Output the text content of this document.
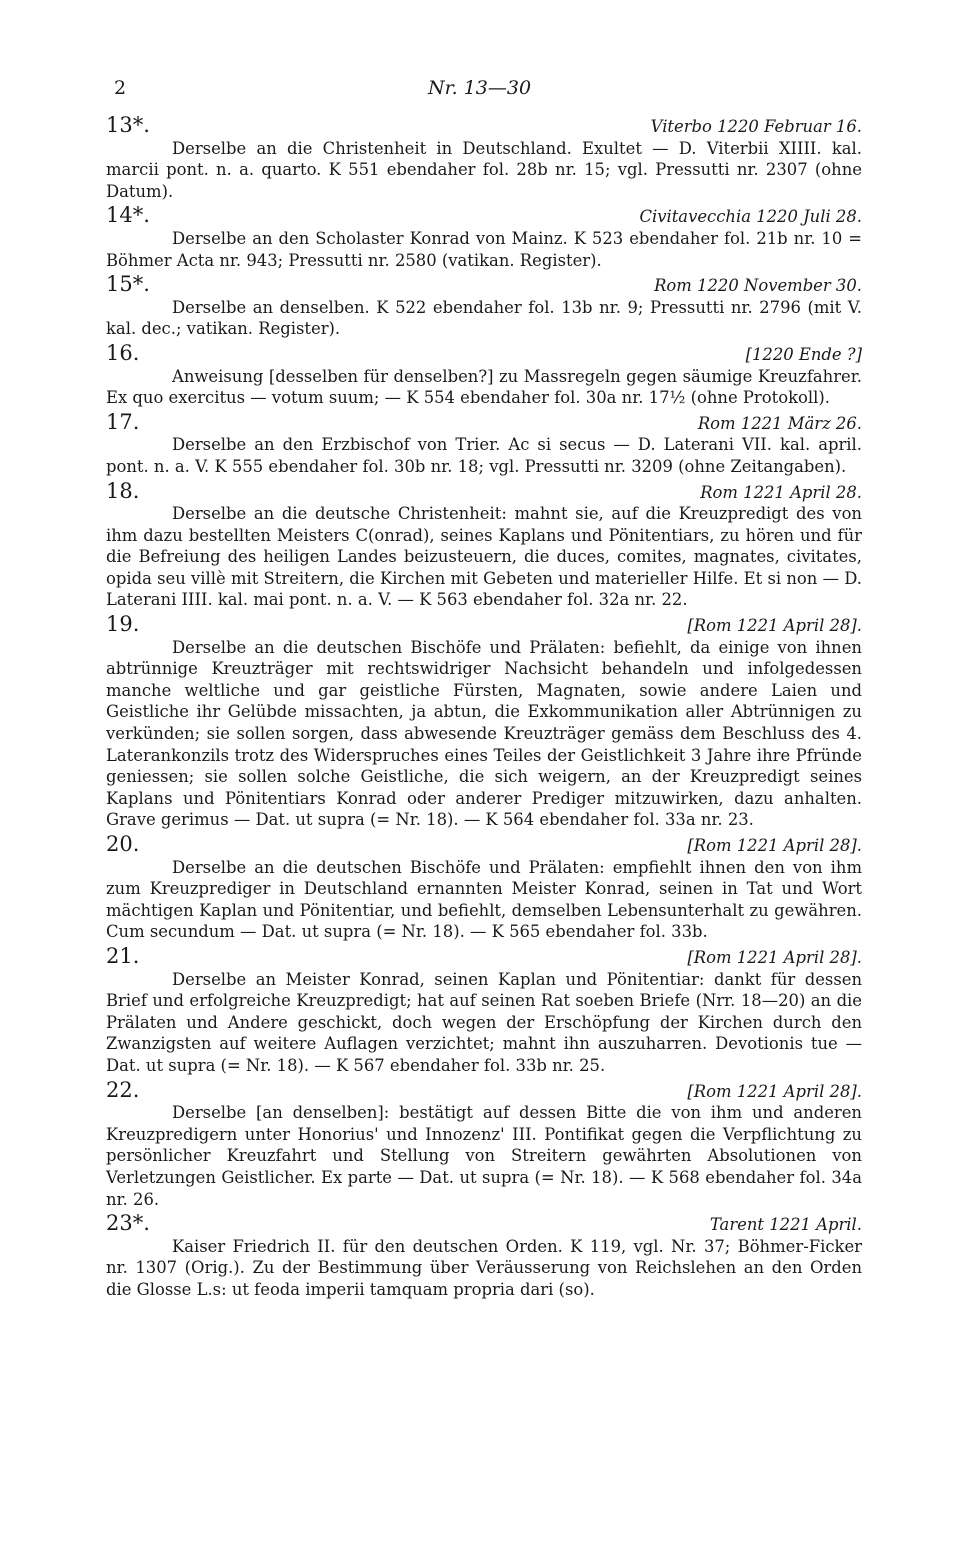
2	Nr. 13—30
13*.	Viterbo 1220 Februar 16.

Derselbe an die Christenheit in Deutschland. Exultet — D. Viterbii XIIII. kal. marcii pont. n. a. quarto. K 551 ebendaher fol. 28b nr. 15; vgl. Pressutti nr. 2307 (ohne Datum).

14*.	Civitavecchia 1220 Juli 28.

Derselbe an den Scholaster Konrad von Mainz. K 523 ebendaher fol. 21b nr. 10 = Böhmer Acta nr. 943; Pressutti nr. 2580 (vatikan. Register).

15*.	Rom 1220 November 30.

Derselbe an denselben. K 522 ebendaher fol. 13b nr. 9; Pressutti nr. 2796 (mit V. kal. dec.; vatikan. Register).

16.	[1220 Ende ?]

Anweisung [desselben für denselben?] zu Massregeln gegen säumige Kreuzfahrer. Ex quo exercitus — votum suum; — K 554 ebendaher fol. 30a nr. 17½ (ohne Protokoll).

17.	Rom 1221 März 26.

Derselbe an den Erzbischof von Trier. Ac si secus — D. Laterani VII. kal. april. pont. n. a. V. K 555 ebendaher fol. 30b nr. 18; vgl. Pressutti nr. 3209 (ohne Zeitangaben).

18.	Rom 1221 April 28.

Derselbe an die deutsche Christenheit: mahnt sie, auf die Kreuzpredigt des von ihm dazu bestellten Meisters C(onrad), seines Kaplans und Pönitentiars, zu hören und für die Befreiung des heiligen Landes beizusteuern, die duces, comites, magnates, civitates, opida seu villè mit Streitern, die Kirchen mit Gebeten und materieller Hilfe. Et si non — D. Laterani IIII. kal. mai pont. n. a. V. — K 563 ebendaher fol. 32a nr. 22.

19.	[Rom 1221 April 28].

Derselbe an die deutschen Bischöfe und Prälaten: befiehlt, da einige von ihnen abtrünnige Kreuzträger mit rechtswidriger Nachsicht behandeln und infolgedessen manche weltliche und gar geistliche Fürsten, Magnaten, sowie andere Laien und Geistliche ihr Gelübde missachten, ja abtun, die Exkommunikation aller Abtrünnigen zu verkünden; sie sollen sorgen, dass abwesende Kreuzträger gemäss dem Beschluss des 4. Laterankonzils trotz des Widerspruches eines Teiles der Geistlichkeit 3 Jahre ihre Pfründe geniessen; sie sollen solche Geistliche, die sich weigern, an der Kreuzpredigt seines Kaplans und Pönitentiars Konrad oder anderer Prediger mitzuwirken, dazu anhalten. Grave gerimus — Dat. ut supra (= Nr. 18). — K 564 ebendaher fol. 33a nr. 23.

20.	[Rom 1221 April 28].

Derselbe an die deutschen Bischöfe und Prälaten: empfiehlt ihnen den von ihm zum Kreuzprediger in Deutschland ernannten Meister Konrad, seinen in Tat und Wort mächtigen Kaplan und Pönitentiar, und befiehlt, demselben Lebensunterhalt zu gewähren. Cum secundum — Dat. ut supra (= Nr. 18). — K 565 ebendaher fol. 33b.

21.	[Rom 1221 April 28].

Derselbe an Meister Konrad, seinen Kaplan und Pönitentiar: dankt für dessen Brief und erfolgreiche Kreuzpredigt; hat auf seinen Rat soeben Briefe (Nrr. 18—20) an die Prälaten und Andere geschickt, doch wegen der Erschöpfung der Kirchen durch den Zwanzigsten auf weitere Auflagen verzichtet; mahnt ihn auszuharren. Devotionis tue — Dat. ut supra (= Nr. 18). — K 567 ebendaher fol. 33b nr. 25.

22.	[Rom 1221 April 28].

Derselbe [an denselben]: bestätigt auf dessen Bitte die von ihm und anderen Kreuzpredigern unter Honorius' und Innozenz' III. Pontifikat gegen die Verpflichtung zu persönlicher Kreuzfahrt und Stellung von Streitern gewährten Absolutionen von Verletzungen Geistlicher. Ex parte — Dat. ut supra (= Nr. 18). — K 568 ebendaher fol. 34a nr. 26.

23*.	Tarent 1221 April.

Kaiser Friedrich II. für den deutschen Orden. K 119, vgl. Nr. 37; Böhmer-Ficker nr. 1307 (Orig.). Zu der Bestimmung über Veräusserung von Reichslehen an den Orden die Glosse L.s: ut feoda imperii tamquam propria dari (so).
